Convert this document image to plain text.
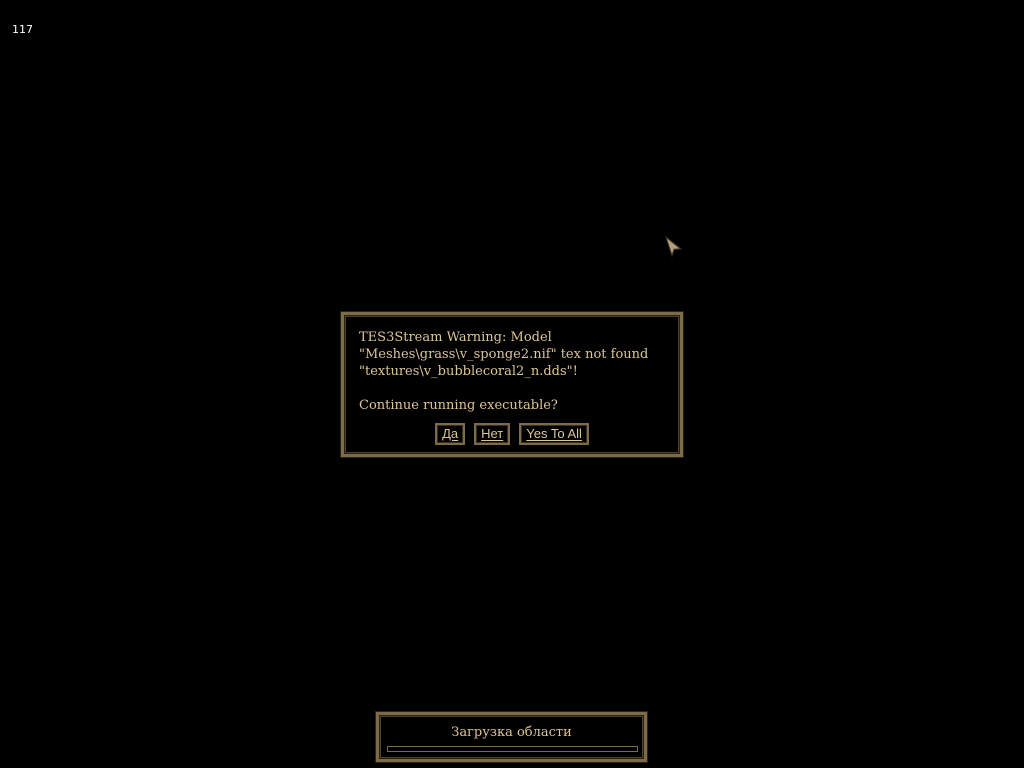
117
TES3Stream Warning: Model
"Meshes\grass\v_sponge2.nif" tex not found
"textures\v_bubblecoral2_n.dds"!
Continue running executable?
Да	Нет	Yes To All
Загрузка области
